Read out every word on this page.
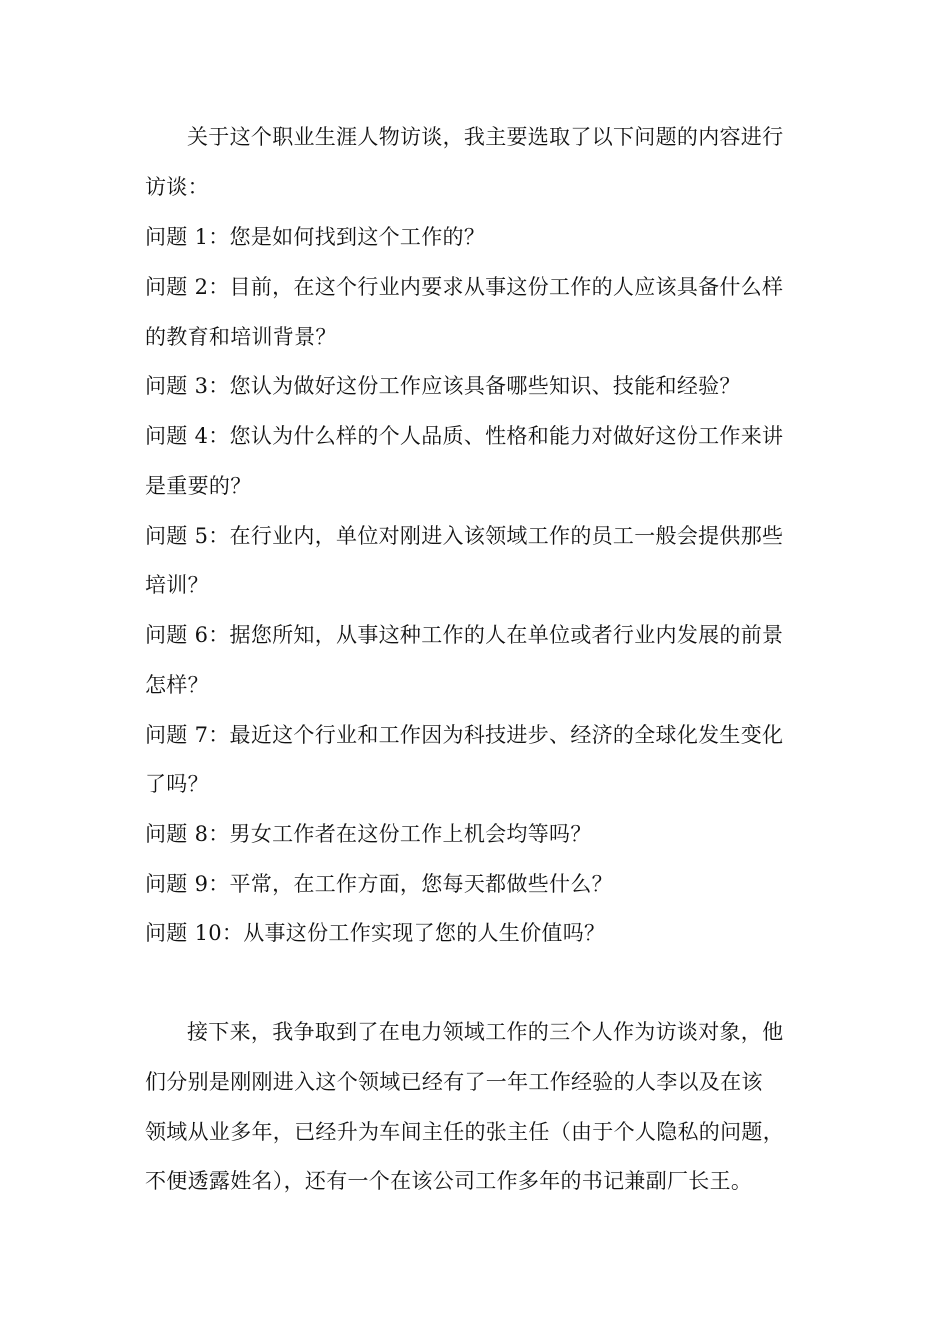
关于这个职业生涯人物访谈，我主要选取了以下问题的内容进行
访谈：
问题 1：您是如何找到这个工作的？
问题 2：目前，在这个行业内要求从事这份工作的人应该具备什么样
的教育和培训背景？
问题 3：您认为做好这份工作应该具备哪些知识、技能和经验？
问题 4：您认为什么样的个人品质、性格和能力对做好这份工作来讲
是重要的？
问题 5：在行业内，单位对刚进入该领域工作的员工一般会提供那些
培训？
问题 6：据您所知，从事这种工作的人在单位或者行业内发展的前景
怎样？
问题 7：最近这个行业和工作因为科技进步、经济的全球化发生变化
了吗？
问题 8：男女工作者在这份工作上机会均等吗？
问题 9：平常，在工作方面，您每天都做些什么？
问题 10：从事这份工作实现了您的人生价值吗？
接下来，我争取到了在电力领域工作的三个人作为访谈对象，他
们分别是刚刚进入这个领域已经有了一年工作经验的人李以及在该
领域从业多年，已经升为车间主任的张主任（由于个人隐私的问题，
不便透露姓名），还有一个在该公司工作多年的书记兼副厂长王。
